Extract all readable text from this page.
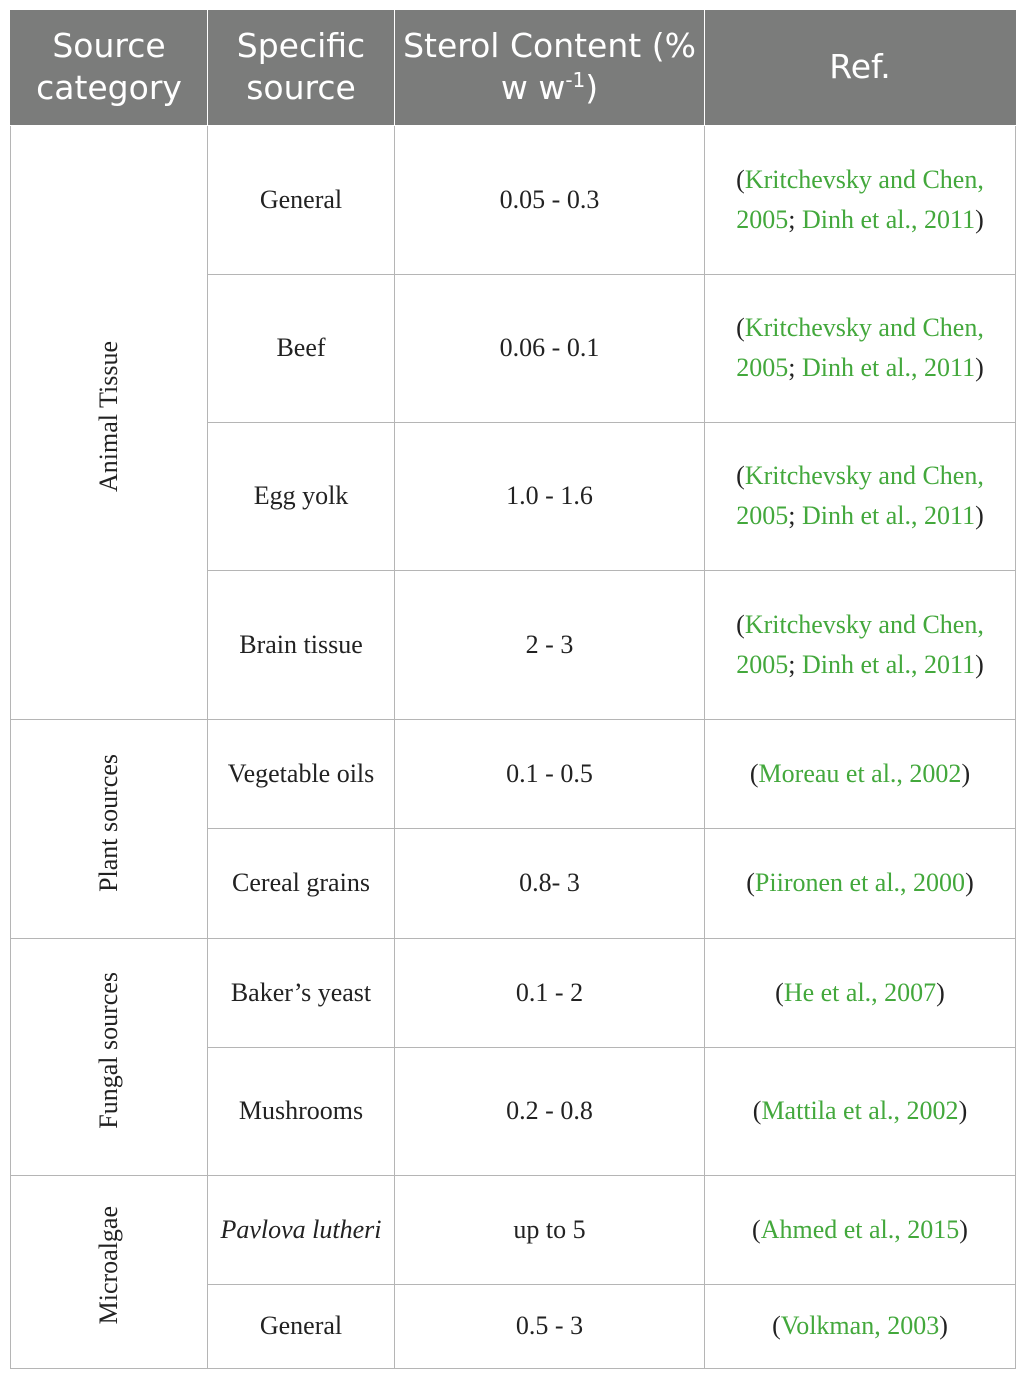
Source category	Specific source	Sterol Content (% w $w^{-1}$)	Ref.
Animal Tissue	General	0.05 - 0.3	(Kritchevsky and Chen, 2005; Dinh et al., 2011)
	Beef	0.06 - 0.1	(Kritchevsky and Chen, 2005; Dinh et al., 2011)
	Egg yolk	1.0 - 1.6	(Kritchevsky and Chen, 2005; Dinh et al., 2011)
	Brain tissue	2 - 3	(Kritchevsky and Chen, 2005; Dinh et al., 2011)
Plant sources	Vegetable oils	0.1 - 0.5	(Moreau et al., 2002)
	Cereal grains	0.8- 3	(Piironen et al., 2000)
Fungal sources	Baker’s yeast	0.1 - 2	(He et al., 2007)
	Mushrooms	0.2 - 0.8	(Mattila et al., 2002)
Microalgae	Pavlova lutheri	up to 5	(Ahmed et al., 2015)
	General	0.5 - 3	(Volkman, 2003)
